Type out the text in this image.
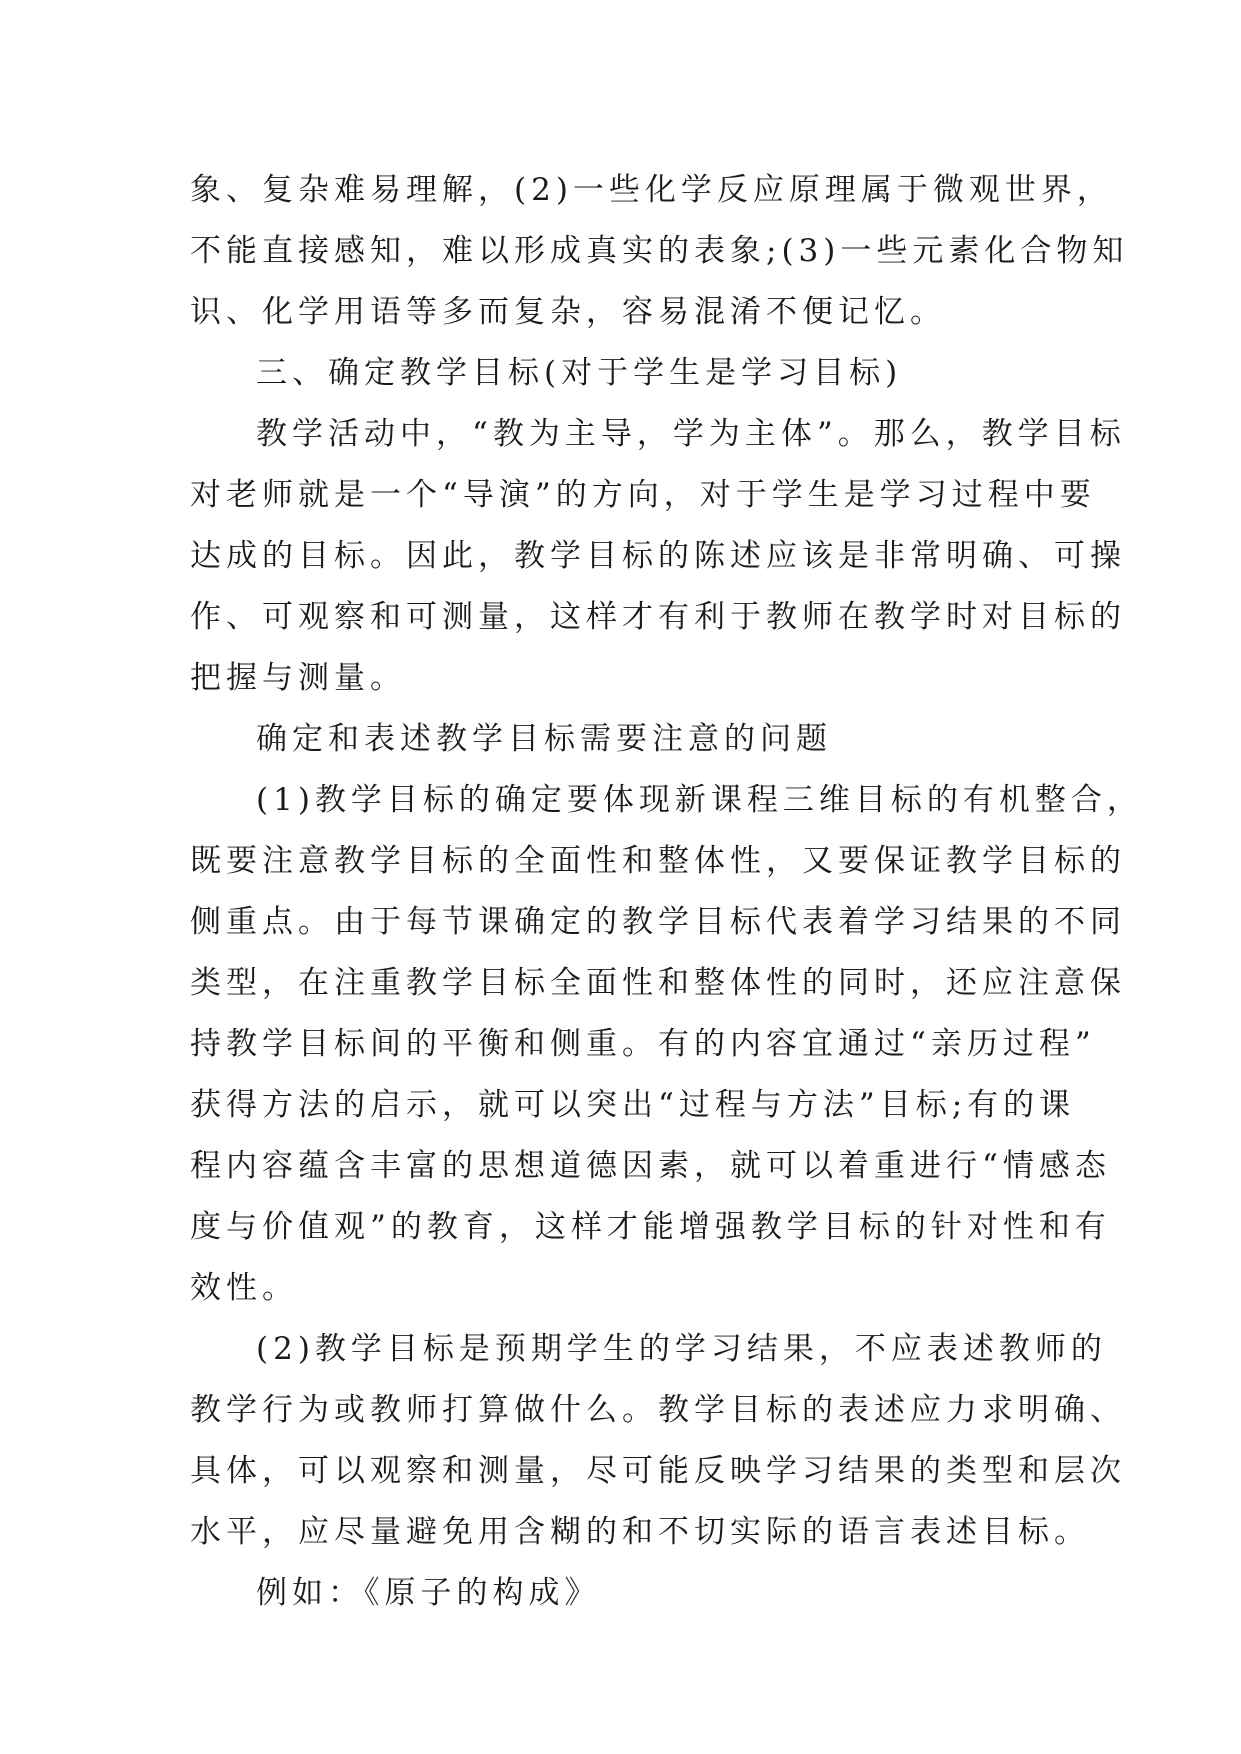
象、复杂难易理解，(2)一些化学反应原理属于微观世界，
不能直接感知，难以形成真实的表象;(3)一些元素化合物知
识、化学用语等多而复杂，容易混淆不便记忆。
三、确定教学目标(对于学生是学习目标)
教学活动中，“教为主导，学为主体”。那么，教学目标
对老师就是一个“导演”的方向，对于学生是学习过程中要
达成的目标。因此，教学目标的陈述应该是非常明确、可操
作、可观察和可测量，这样才有利于教师在教学时对目标的
把握与测量。
确定和表述教学目标需要注意的问题
(1)教学目标的确定要体现新课程三维目标的有机整合，
既要注意教学目标的全面性和整体性，又要保证教学目标的
侧重点。由于每节课确定的教学目标代表着学习结果的不同
类型，在注重教学目标全面性和整体性的同时，还应注意保
持教学目标间的平衡和侧重。有的内容宜通过“亲历过程”
获得方法的启示，就可以突出“过程与方法”目标;有的课
程内容蕴含丰富的思想道德因素，就可以着重进行“情感态
度与价值观”的教育，这样才能增强教学目标的针对性和有
效性。
(2)教学目标是预期学生的学习结果，不应表述教师的
教学行为或教师打算做什么。教学目标的表述应力求明确、
具体，可以观察和测量，尽可能反映学习结果的类型和层次
水平，应尽量避免用含糊的和不切实际的语言表述目标。
例如：《原子的构成》
